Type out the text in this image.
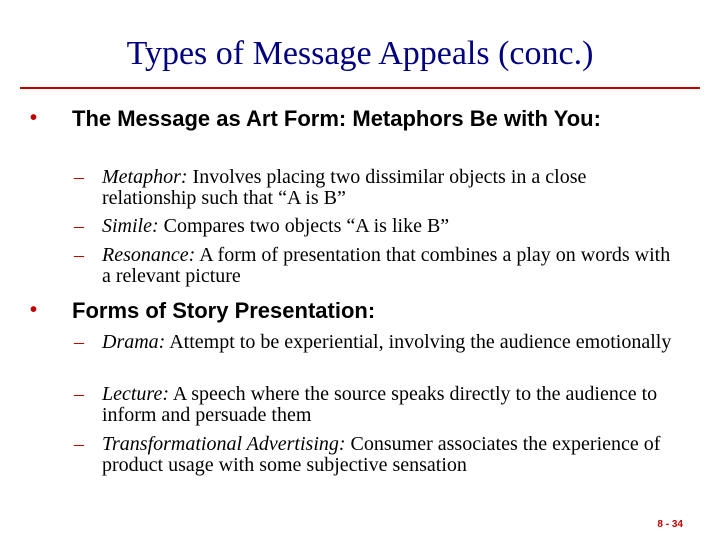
Types of Message Appeals (conc.)
• The Message as Art Form: Metaphors Be with You:
– Metaphor: Involves placing two dissimilar objects in a close relationship such that “A is B”
– Simile: Compares two objects “A is like B”
– Resonance: A form of presentation that combines a play on words with a relevant picture
• Forms of Story Presentation:
– Drama: Attempt to be experiential, involving the audience emotionally
– Lecture: A speech where the source speaks directly to the audience to inform and persuade them
– Transformational Advertising: Consumer associates the experience of product usage with some subjective sensation
8 - 34
